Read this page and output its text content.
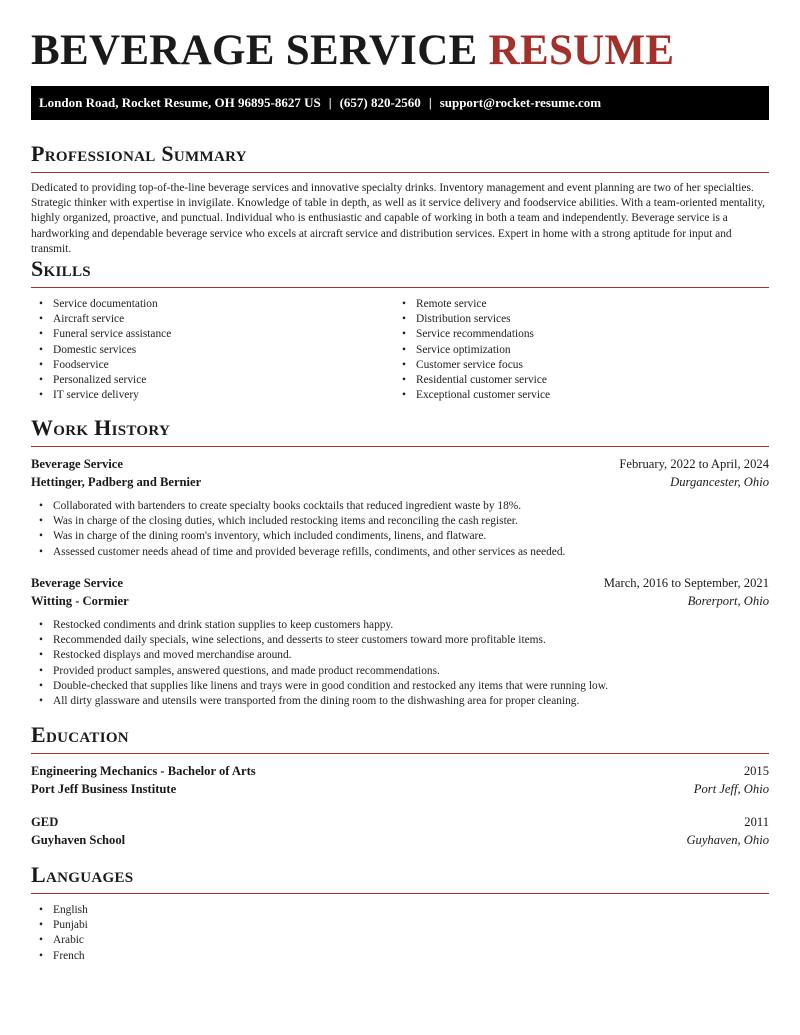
BEVERAGE SERVICE RESUME
London Road, Rocket Resume, OH 96895-8627 US | (657) 820-2560 | support@rocket-resume.com
Professional Summary

Dedicated to providing top-of-the-line beverage services and innovative specialty drinks. Inventory management and event planning are two of her specialties. Strategic thinker with expertise in invigilate. Knowledge of table in depth, as well as it service delivery and foodservice abilities. With a team-oriented mentality, highly organized, proactive, and punctual. Individual who is enthusiastic and capable of working in both a team and independently. Beverage service is a hardworking and dependable beverage service who excels at aircraft service and distribution services. Expert in home with a strong aptitude for input and transmit.

Skills
• Service documentation
• Aircraft service
• Funeral service assistance
• Domestic services
• Foodservice
• Personalized service
• IT service delivery
• Remote service
• Distribution services
• Service recommendations
• Service optimization
• Customer service focus
• Residential customer service
• Exceptional customer service
Work History
Beverage Service	February, 2022 to April, 2024
Hettinger, Padberg and Bernier	Durgancester, Ohio
• Collaborated with bartenders to create specialty books cocktails that reduced ingredient waste by 18%.
• Was in charge of the closing duties, which included restocking items and reconciling the cash register.
• Was in charge of the dining room's inventory, which included condiments, linens, and flatware.
• Assessed customer needs ahead of time and provided beverage refills, condiments, and other services as needed.
Beverage Service	March, 2016 to September, 2021
Witting - Cormier	Borerport, Ohio
• Restocked condiments and drink station supplies to keep customers happy.
• Recommended daily specials, wine selections, and desserts to steer customers toward more profitable items.
• Restocked displays and moved merchandise around.
• Provided product samples, answered questions, and made product recommendations.
• Double-checked that supplies like linens and trays were in good condition and restocked any items that were running low.
• All dirty glassware and utensils were transported from the dining room to the dishwashing area for proper cleaning.
Education
Engineering Mechanics - Bachelor of Arts	2015
Port Jeff Business Institute	Port Jeff, Ohio
GED	2011
Guyhaven School	Guyhaven, Ohio
Languages
• English
• Punjabi
• Arabic
• French
